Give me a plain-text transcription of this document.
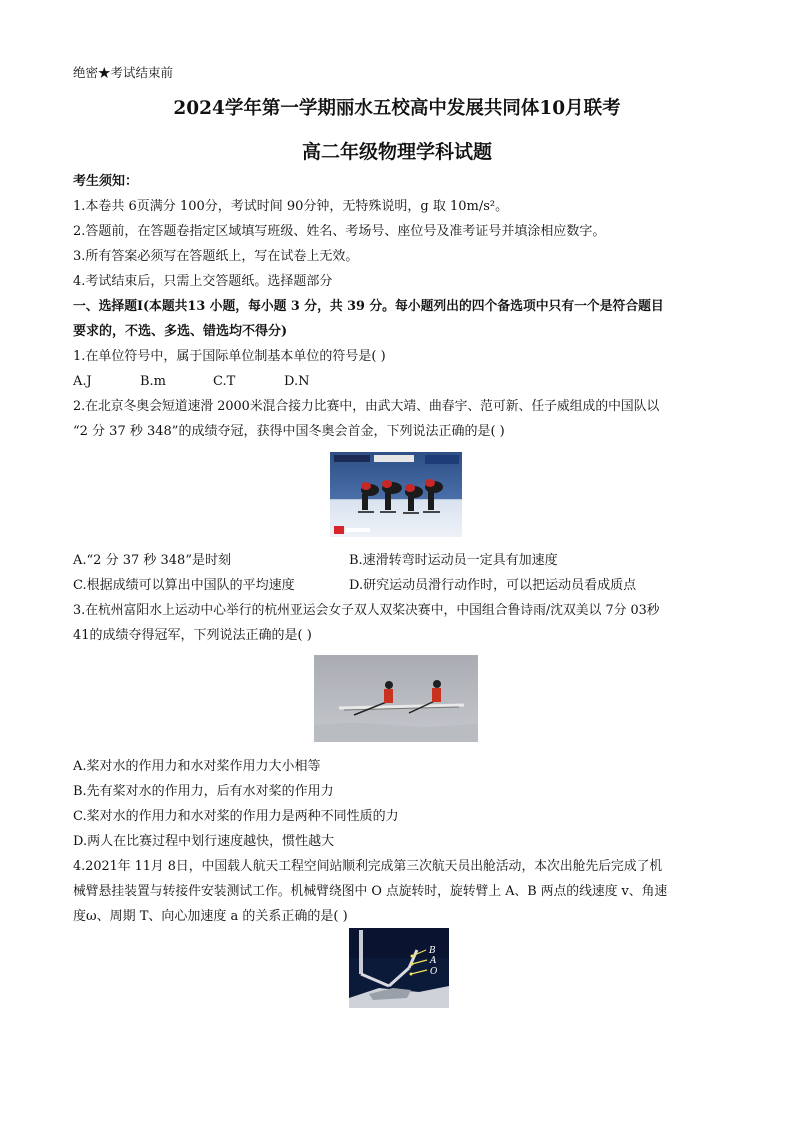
绝密★考试结束前
2024学年第一学期丽水五校高中发展共同体10月联考
高二年级物理学科试题
考生须知：
1.本卷共 6页满分 100分，考试时间 90分钟，无特殊说明，g 取 10m/s²。
2.答题前，在答题卷指定区域填写班级、姓名、考场号、座位号及准考证号并填涂相应数字。
3.所有答案必须写在答题纸上，写在试卷上无效。
4.考试结束后，只需上交答题纸。选择题部分
一、选择题Ⅰ(本题共13 小题，每小题 3 分，共 39 分。每小题列出的四个备选项中只有一个是符合题目
要求的，不选、多选、错选均不得分)
1.在单位符号中，属于国际单位制基本单位的符号是( )
A.J	B.m	C.T	D.N
2.在北京冬奥会短道速滑 2000米混合接力比赛中，由武大靖、曲春宇、范可新、任子威组成的中国队以
“2 分 37 秒 348”的成绩夺冠，获得中国冬奥会首金，下列说法正确的是( )
A.“2 分 37 秒 348”是时刻	B.速滑转弯时运动员一定具有加速度
C.根据成绩可以算出中国队的平均速度	D.研究运动员滑行动作时，可以把运动员看成质点
3.在杭州富阳水上运动中心举行的杭州亚运会女子双人双桨决赛中，中国组合鲁诗雨/沈双美以 7分 03秒
41的成绩夺得冠军，下列说法正确的是( )
A.桨对水的作用力和水对桨作用力大小相等
B.先有桨对水的作用力，后有水对桨的作用力
C.桨对水的作用力和水对桨的作用力是两种不同性质的力
D.两人在比赛过程中划行速度越快，惯性越大
4.2021年 11月 8日，中国载人航天工程空间站顺利完成第三次航天员出舱活动，本次出舱先后完成了机
械臂悬挂装置与转接件安装测试工作。机械臂绕图中 O 点旋转时，旋转臂上 A、B 两点的线速度 v、角速
度ω、周期 T、向心加速度 a 的关系正确的是( )
B
A
O
